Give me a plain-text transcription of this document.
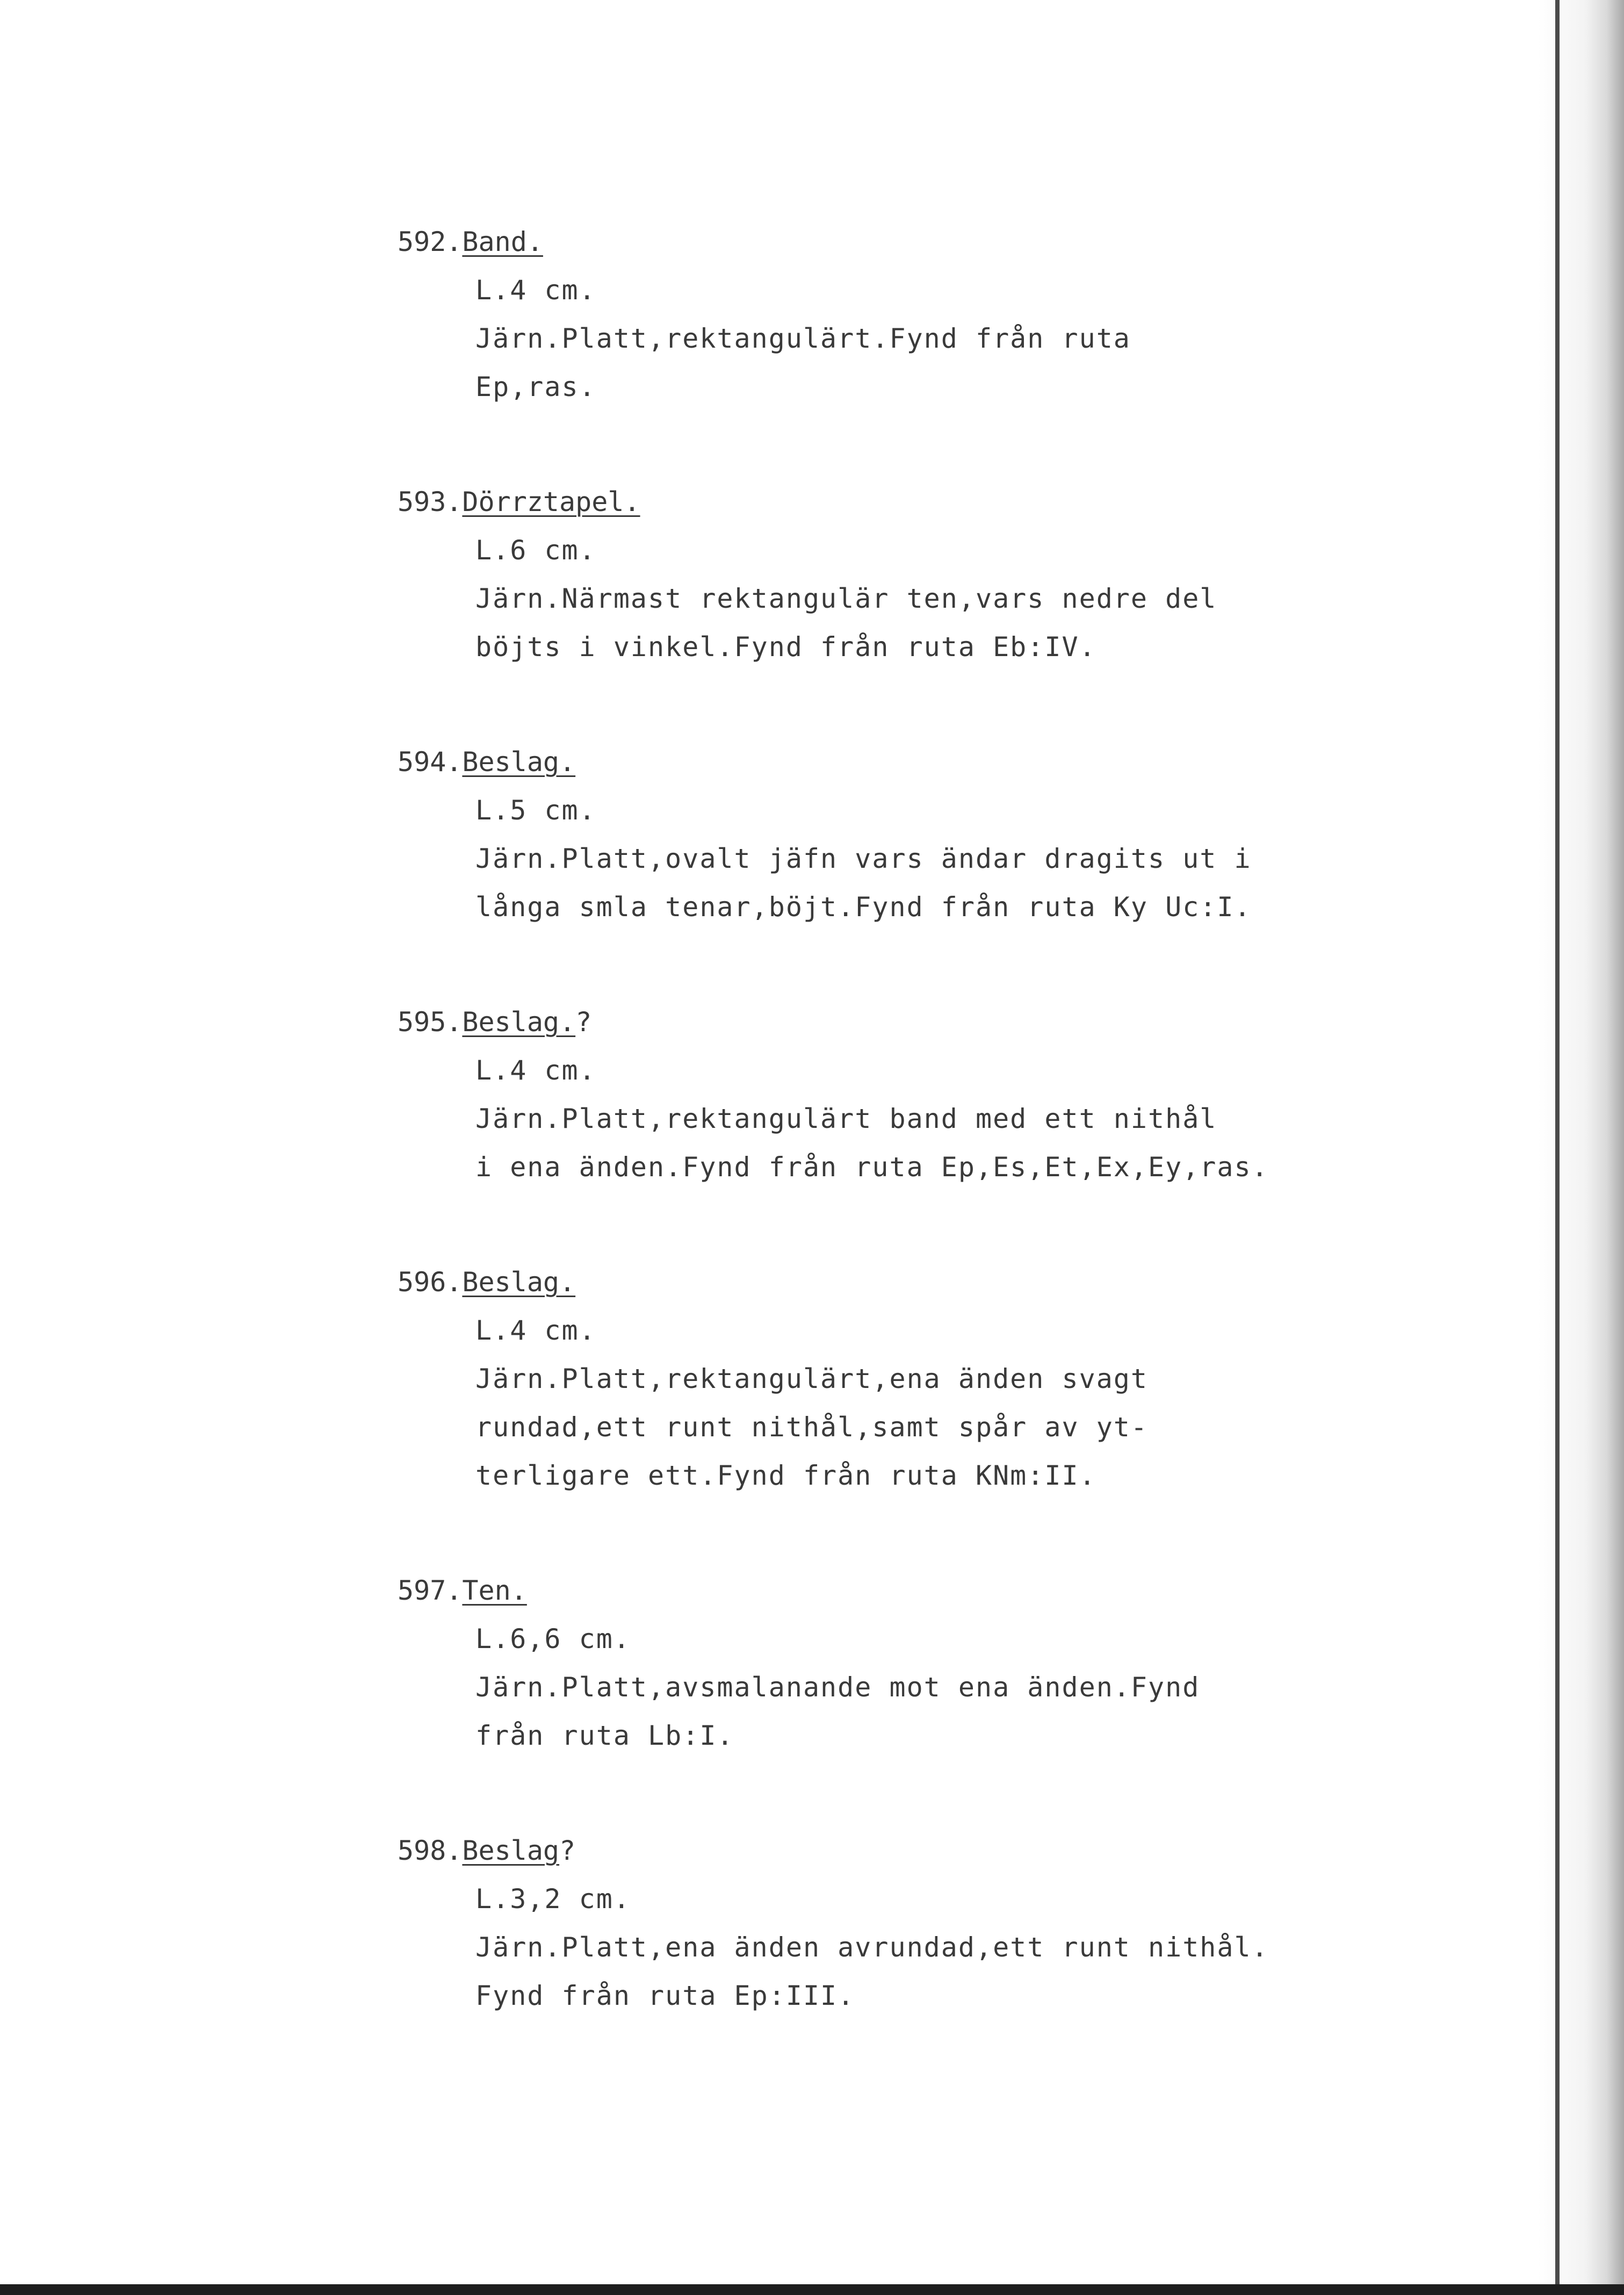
592.Band.
L.4 cm.
Järn.Platt,rektangulärt.Fynd från ruta
Ep,ras.
593.Dörrztapel.
L.6 cm.
Järn.Närmast rektangulär ten,vars nedre del
böjts i vinkel.Fynd från ruta Eb:IV.
594.Beslag.
L.5 cm.
Järn.Platt,ovalt jäfn vars ändar dragits ut i
långa smla tenar,böjt.Fynd från ruta Ky Uc:I.
595.Beslag.?
L.4 cm.
Järn.Platt,rektangulärt band med ett nithål
i ena änden.Fynd från ruta Ep,Es,Et,Ex,Ey,ras.
596.Beslag.
L.4 cm.
Järn.Platt,rektangulärt,ena änden svagt
rundad,ett runt nithål,samt spår av yt-
terligare ett.Fynd från ruta KNm:II.
597.Ten.
L.6,6 cm.
Järn.Platt,avsmalanande mot ena änden.Fynd
från ruta Lb:I.
598.Beslag?
L.3,2 cm.
Järn.Platt,ena änden avrundad,ett runt nithål.
Fynd från ruta Ep:III.
